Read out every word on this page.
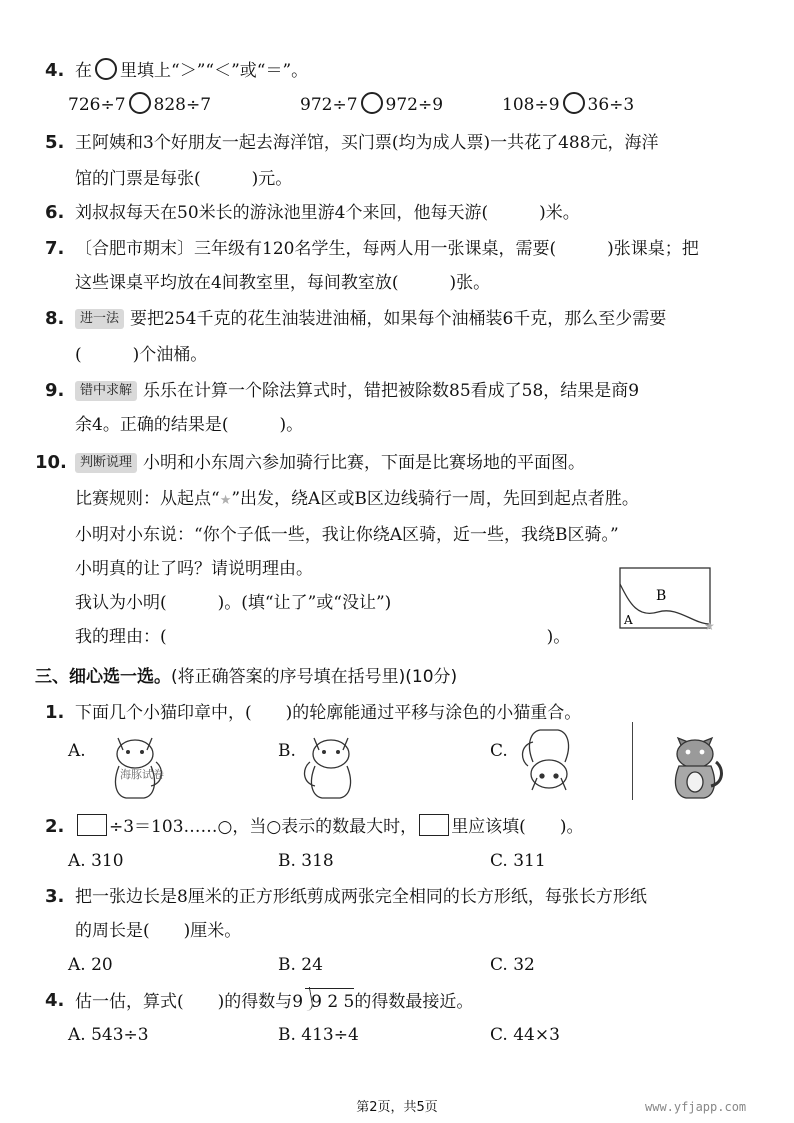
4. 在 里填上“＞”“＜”或“＝”。
726÷7 828÷7	972÷7 972÷9	108÷9 36÷3
5. 王阿姨和3个好朋友一起去海洋馆，买门票(均为成人票)一共花了488元，海洋
馆的门票是每张(　　　)元。
6. 刘叔叔每天在50米长的游泳池里游4个来回，他每天游(　　　)米。
7. 〔合肥市期末〕三年级有120名学生，每两人用一张课桌，需要(　　　)张课桌；把
这些课桌平均放在4间教室里，每间教室放(　　　)张。
8.	进一法 要把254千克的花生油装进油桶，如果每个油桶装6千克，那么至少需要
(　　　)个油桶。
9.	错中求解 乐乐在计算一个除法算式时，错把被除数85看成了58，结果是商9
余4。正确的结果是(　　　)。
10.	判断说理 小明和小东周六参加骑行比赛，下面是比赛场地的平面图。
比赛规则：从起点“★”出发，绕A区或B区边线骑行一周，先回到起点者胜。
小明对小东说：“你个子低一些，我让你绕A区骑，近一些，我绕B区骑。”
小明真的让了吗？请说明理由。
我认为小明(　　　)。(填“让了”或“没让”)
我的理由：(	)。
B
A	★
三、细心选一选。(将正确答案的序号填在括号里)(10分)
1. 下面几个小猫印章中，(　　)的轮廓能通过平移与涂色的小猫重合。
A.	B.	C.
海豚试卷
2.	÷3＝103……○，当○表示的数最大时， 里应该填(　　)。
A. 310	B. 318	C. 311
3. 把一张边长是8厘米的正方形纸剪成两张完全相同的长方形纸，每张长方形纸
的周长是(　　)厘米。
A. 20	B. 24	C. 32
4. 估一估，算式(　　)的得数与9 9 2 5的得数最接近。
A. 543÷3	B. 413÷4	C. 44×3
第2页，共5页	www.yfjapp.com
